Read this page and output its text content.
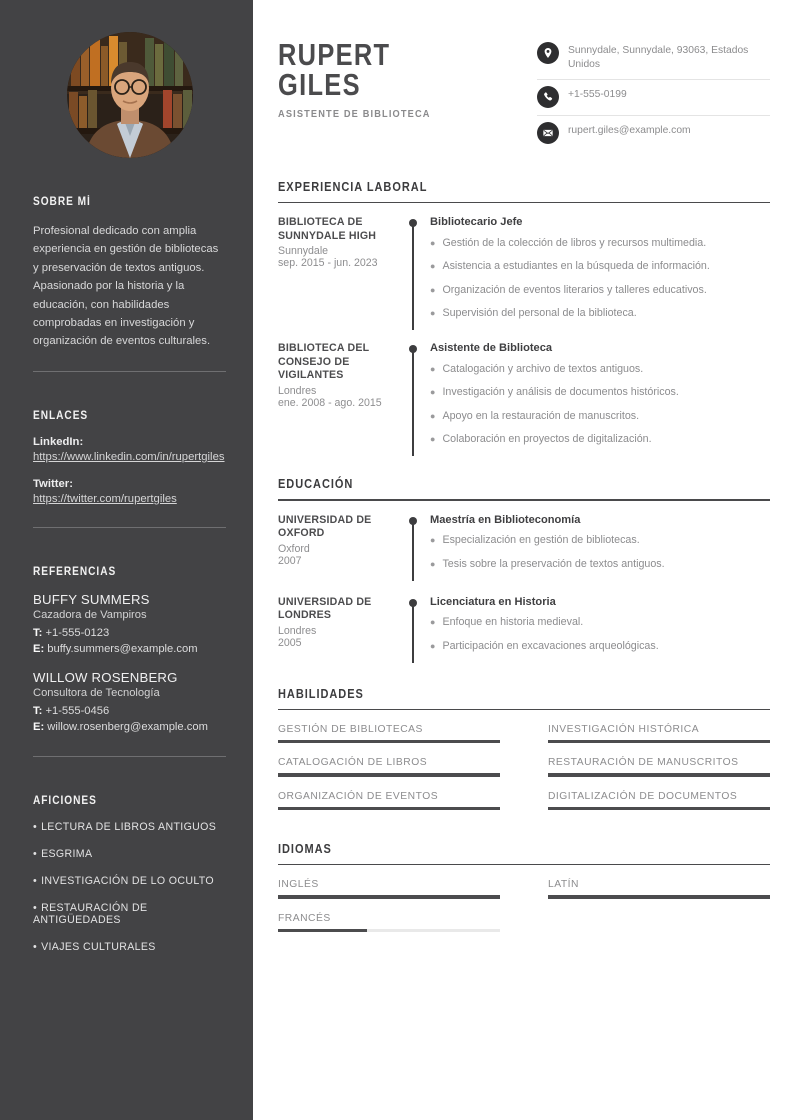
SOBRE MÍ
Profesional dedicado con amplia experiencia en gestión de bibliotecas y preservación de textos antiguos. Apasionado por la historia y la educación, con habilidades comprobadas en investigación y organización de eventos culturales.
ENLACES
LinkedIn:
https://www.linkedin.com/in/rupertgiles
Twitter:
https://twitter.com/rupertgiles
REFERENCIAS
BUFFY SUMMERS
Cazadora de Vampiros
T: +1-555-0123
E: buffy.summers@example.com
WILLOW ROSENBERG
Consultora de Tecnología
T: +1-555-0456
E: willow.rosenberg@example.com
AFICIONES
• LECTURA DE LIBROS ANTIGUOS
• ESGRIMA
• INVESTIGACIÓN DE LO OCULTO
• RESTAURACIÓN DE ANTIGÜEDADES
• VIAJES CULTURALES
RUPERT
GILES
ASISTENTE DE BIBLIOTECA
Sunnydale, Sunnydale, 93063, Estados Unidos
+1-555-0199
rupert.giles@example.com
EXPERIENCIA LABORAL
BIBLIOTECA DE SUNNYDALE HIGH
Sunnydale
sep. 2015 - jun. 2023
Bibliotecario Jefe
● Gestión de la colección de libros y recursos multimedia.
● Asistencia a estudiantes en la búsqueda de información.
● Organización de eventos literarios y talleres educativos.
● Supervisión del personal de la biblioteca.
BIBLIOTECA DEL CONSEJO DE VIGILANTES
Londres
ene. 2008 - ago. 2015
Asistente de Biblioteca
● Catalogación y archivo de textos antiguos.
● Investigación y análisis de documentos históricos.
● Apoyo en la restauración de manuscritos.
● Colaboración en proyectos de digitalización.
EDUCACIÓN
UNIVERSIDAD DE OXFORD
Oxford
2007
Maestría en Biblioteconomía
● Especialización en gestión de bibliotecas.
● Tesis sobre la preservación de textos antiguos.
UNIVERSIDAD DE LONDRES
Londres
2005
Licenciatura en Historia
● Enfoque en historia medieval.
● Participación en excavaciones arqueológicas.
HABILIDADES
GESTIÓN DE BIBLIOTECAS	INVESTIGACIÓN HISTÓRICA
CATALOGACIÓN DE LIBROS	RESTAURACIÓN DE MANUSCRITOS
ORGANIZACIÓN DE EVENTOS	DIGITALIZACIÓN DE DOCUMENTOS
IDIOMAS
INGLÉS	LATÍN
FRANCÉS
